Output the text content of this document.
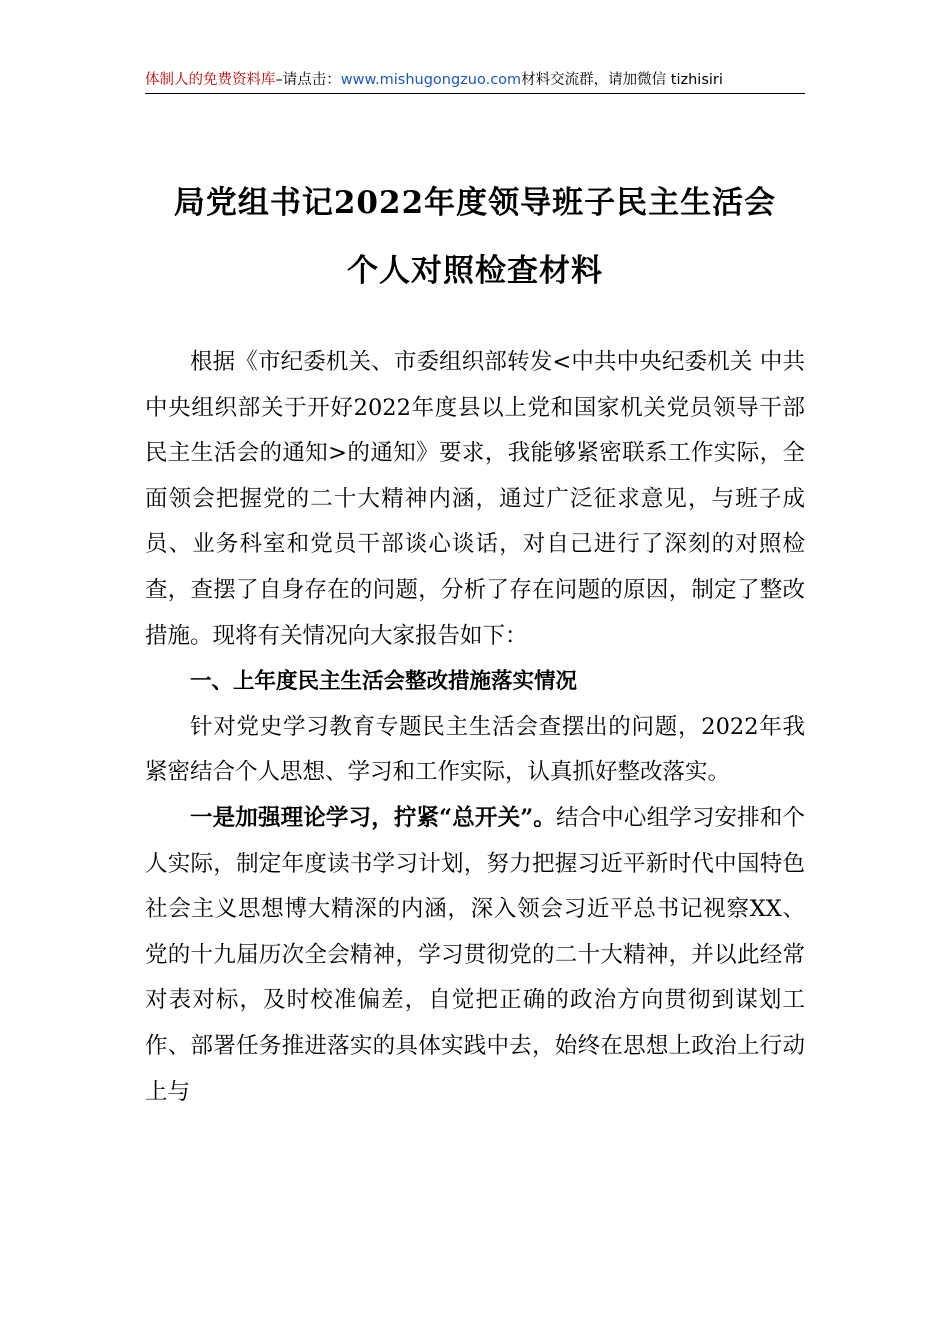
体制人的免费资料库–请点击：www.mishugongzuo.com材料交流群，请加微信 tizhisiri
局党组书记2022年度领导班子民主生活会
个人对照检查材料

根据《市纪委机关、市委组织部转发<中共中央纪委机关 中共中央组织部关于开好2022年度县以上党和国家机关党员领导干部民主生活会的通知>的通知》要求，我能够紧密联系工作实际，全面领会把握党的二十大精神内涵，通过广泛征求意见，与班子成员、业务科室和党员干部谈心谈话，对自己进行了深刻的对照检查，查摆了自身存在的问题，分析了存在问题的原因，制定了整改措施。现将有关情况向大家报告如下：

一、上年度民主生活会整改措施落实情况

针对党史学习教育专题民主生活会查摆出的问题，2022年我紧密结合个人思想、学习和工作实际，认真抓好整改落实。

一是加强理论学习，拧紧“总开关”。结合中心组学习安排和个人实际，制定年度读书学习计划，努力把握习近平新时代中国特色社会主义思想博大精深的内涵，深入领会习近平总书记视察XX、党的十九届历次全会精神，学习贯彻党的二十大精神，并以此经常对表对标，及时校准偏差，自觉把正确的政治方向贯彻到谋划工作、部署任务推进落实的具体实践中去，始终在思想上政治上行动上与
